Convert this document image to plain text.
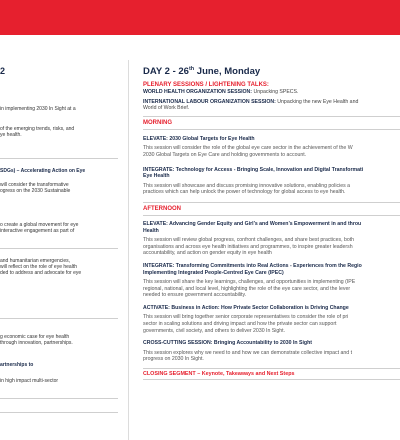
2
in implementing 2030 In Sight at a
of the emerging trends, risks, and
ye health.
SDGs) – Accelerating Action on Eye
will consider the transformative
ogress on the 2030 Sustainable
o create a global movement for eye
interactive engagement as part of
and humanitarian emergencies,
will reflect on the role of eye health
ded to address and advocate for eye
g economic case for eye health
through innovation, partnerships.
artnerships to
in high impact multi-sector
DAY 2 - 26th June, Monday
PLENARY SESSIONS / LIGHTENING TALKS:
WORLD HEALTH ORGANIZATION SESSION: Unpacking SPECS.
INTERNATIONAL LABOUR ORGANIZATION SESSION: Unpacking the new Eye Health and
World of Work Brief.
MORNING
ELEVATE: 2030 Global Targets for Eye Health
This session will consider the role of the global eye care sector in the achievement of the W
2030 Global Targets on Eye Care and holding governments to account.
INTEGRATE: Technology for Access - Bringing Scale, Innovation and Digital Transformati
Eye Health
This session will showcase and discuss promising innovative solutions, enabling policies a
practices which can help unlock the power of technology for global access to eye health.
AFTERNOON
ELEVATE: Advancing Gender Equity and Girl’s and Women’s Empowerment in and throu
Health
This session will review global progress, confront challenges, and share best practices, both
organisations and across eye health initiatives and programmes, to inspire greater leadersh
accountability, and action on gender equity in eye health
INTEGRATE: Transforming Commitments into Real Actions - Experiences from the Regio
Implementing Integrated People-Centred Eye Care (IPEC)
This session will share the key learnings, challenges, and opportunities in implementing (IPE
regional, national, and local level, highlighting the role of the eye care sector, and the lever
needed to ensure government accountability.
ACTIVATE: Business in Action: How Private Sector Collaboration is Driving Change
This session will bring together senior corporate representatives to consider the role of pri
sector in scaling solutions and driving impact and how the private sector can support
governments, civil society, and others to deliver 2030 In Sight.
CROSS-CUTTING SESSION: Bringing Accountability to 2030 In Sight
This session explores why we need to and how we can demonstrate collective impact and t
progress on 2030 In Sight.
CLOSING SEGMENT – Keynote, Takeaways and Next Steps
